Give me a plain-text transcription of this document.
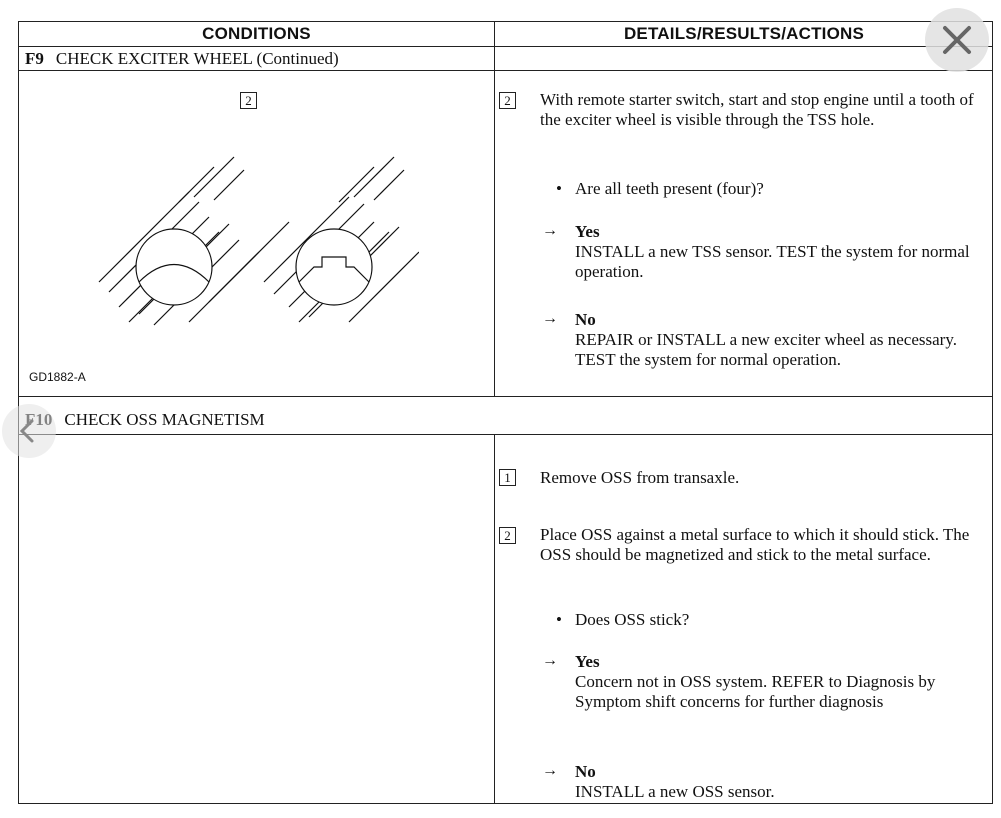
CONDITIONS	DETAILS/RESULTS/ACTIONS
F9 CHECK EXCITER WHEEL (Continued)
2
GD1882-A
2	With remote starter switch, start and stop engine until a tooth of the exciter wheel is visible through the TSS hole.
• Are all teeth present (four)?
→ Yes
INSTALL a new TSS sensor. TEST the system for normal operation.
→ No
REPAIR or INSTALL a new exciter wheel as necessary. TEST the system for normal operation.
CHECK OSS MAGNETISM
1	Remove OSS from transaxle.
2	Place OSS against a metal surface to which it should stick. The OSS should be magnetized and stick to the metal surface.
• Does OSS stick?
→ Yes
Concern not in OSS system. REFER to Diagnosis by Symptom shift concerns for further diagnosis
→ No
INSTALL a new OSS sensor.
